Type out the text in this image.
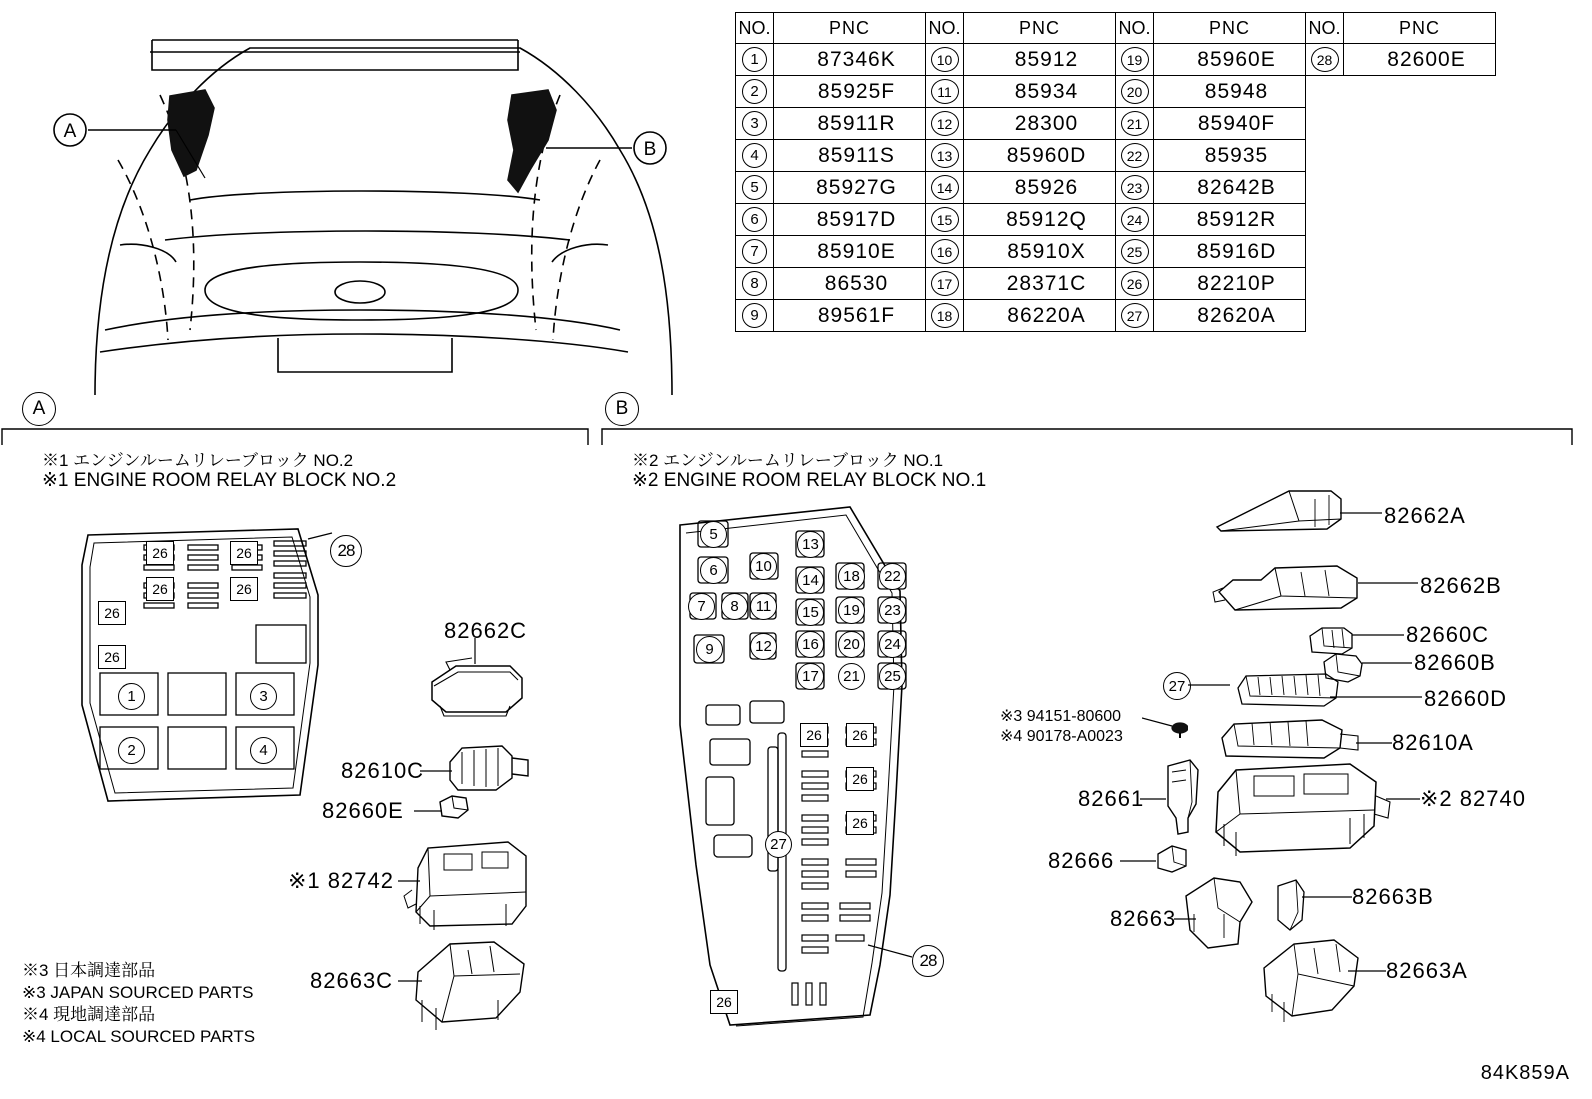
A
B
NO.	PNC	NO.	PNC	NO.	PNC	NO.	PNC
1	87346K	10	85912	19	85960E	28	82600E
2	85925F	11	85934	20	85948		
3	85911R	12	28300	21	85940F		
4	85911S	13	85960D	22	85935		
5	85927G	14	85926	23	82642B		
6	85917D	15	85912Q	24	85912R		
7	85910E	16	85910X	25	85916D		
8	86530	17	28371C	26	82210P		
9	89561F	18	86220A	27	82620A		
A
※1 エンジンルームリレーブロック NO.2
※1 ENGINE ROOM RELAY BLOCK NO.2
26	26
26	26
26
26
1
2
3
4
28
82662C
82610C
82660E
※1 82742
82663C
※3 日本調達部品
※3 JAPAN SOURCED PARTS
※4 現地調達部品
※4 LOCAL SOURCED PARTS
B
※2 エンジンルームリレーブロック NO.1
※2 ENGINE ROOM RELAY BLOCK NO.1
5
6
7	8
9
10
11
12
13
14
15
16
17
18
19
20
21
22
23
24
25
26	26
26
26
26
27
28
82662A
82662B
82660C
82660B
82660D
27
※3 94151-80600
※4 90178-A0023	82610A
※2 82740
82661
82666
82663
82663B
82663A
84K859A
